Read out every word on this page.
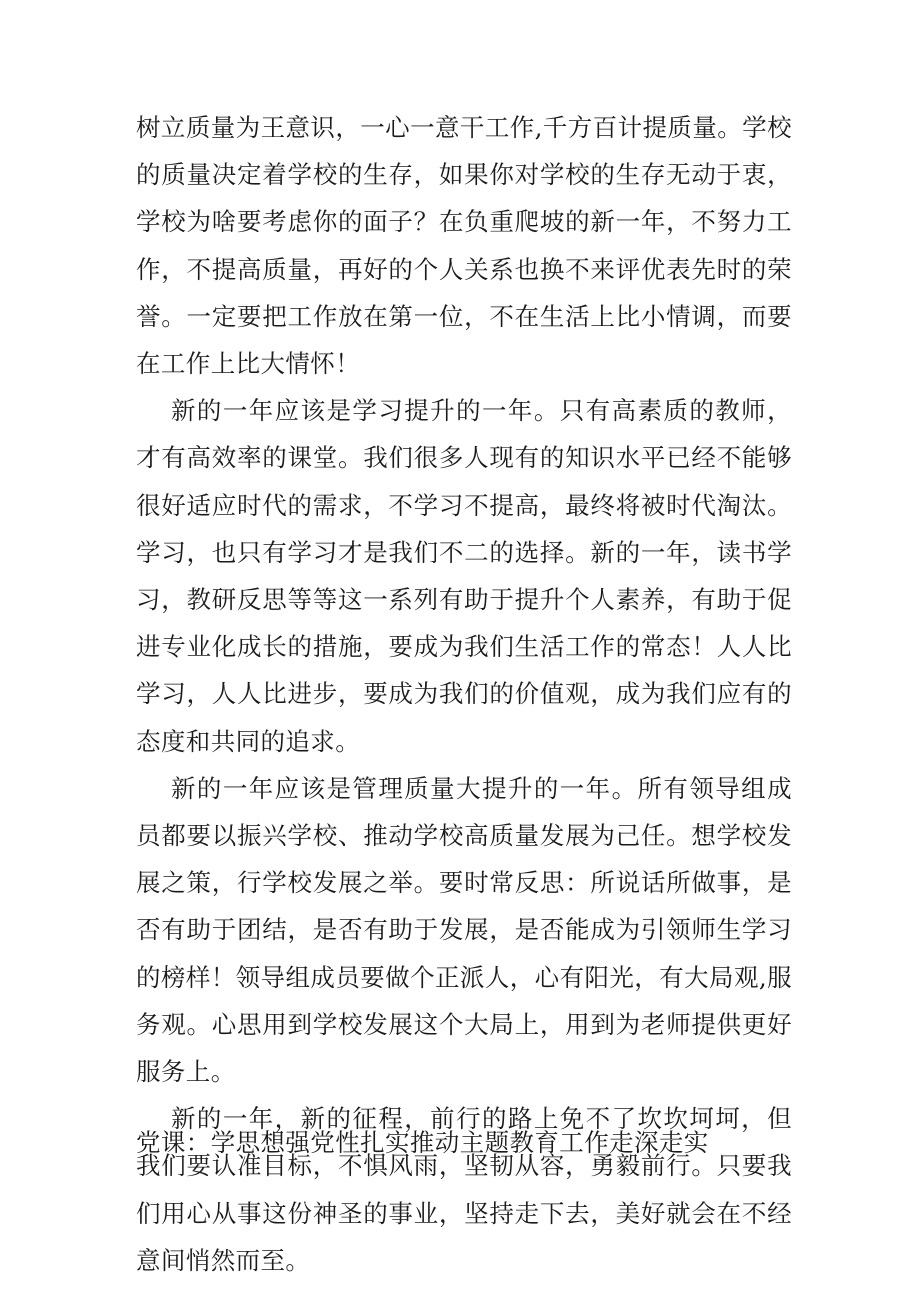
树立质量为王意识，一心一意干工作,千方百计提质量。学校的质量决定着学校的生存，如果你对学校的生存无动于衷，学校为啥要考虑你的面子？在负重爬坡的新一年，不努力工作，不提高质量，再好的个人关系也换不来评优表先时的荣誉。一定要把工作放在第一位，不在生活上比小情调，而要在工作上比大情怀！

新的一年应该是学习提升的一年。只有高素质的教师，才有高效率的课堂。我们很多人现有的知识水平已经不能够很好适应时代的需求，不学习不提高，最终将被时代淘汰。学习，也只有学习才是我们不二的选择。新的一年，读书学习，教研反思等等这一系列有助于提升个人素养，有助于促进专业化成长的措施，要成为我们生活工作的常态！人人比学习，人人比进步，要成为我们的价值观，成为我们应有的态度和共同的追求。

新的一年应该是管理质量大提升的一年。所有领导组成员都要以振兴学校、推动学校高质量发展为己任。想学校发展之策，行学校发展之举。要时常反思：所说话所做事，是否有助于团结，是否有助于发展，是否能成为引领师生学习的榜样！领导组成员要做个正派人，心有阳光，有大局观,服务观。心思用到学校发展这个大局上，用到为老师提供更好服务上。

新的一年，新的征程，前行的路上免不了坎坎坷坷，但我们要认准目标，不惧风雨，坚韧从容，勇毅前行。只要我们用心从事这份神圣的事业，坚持走下去，美好就会在不经意间悄然而至。

党课：学思想强党性扎实推动主题教育工作走深走实
